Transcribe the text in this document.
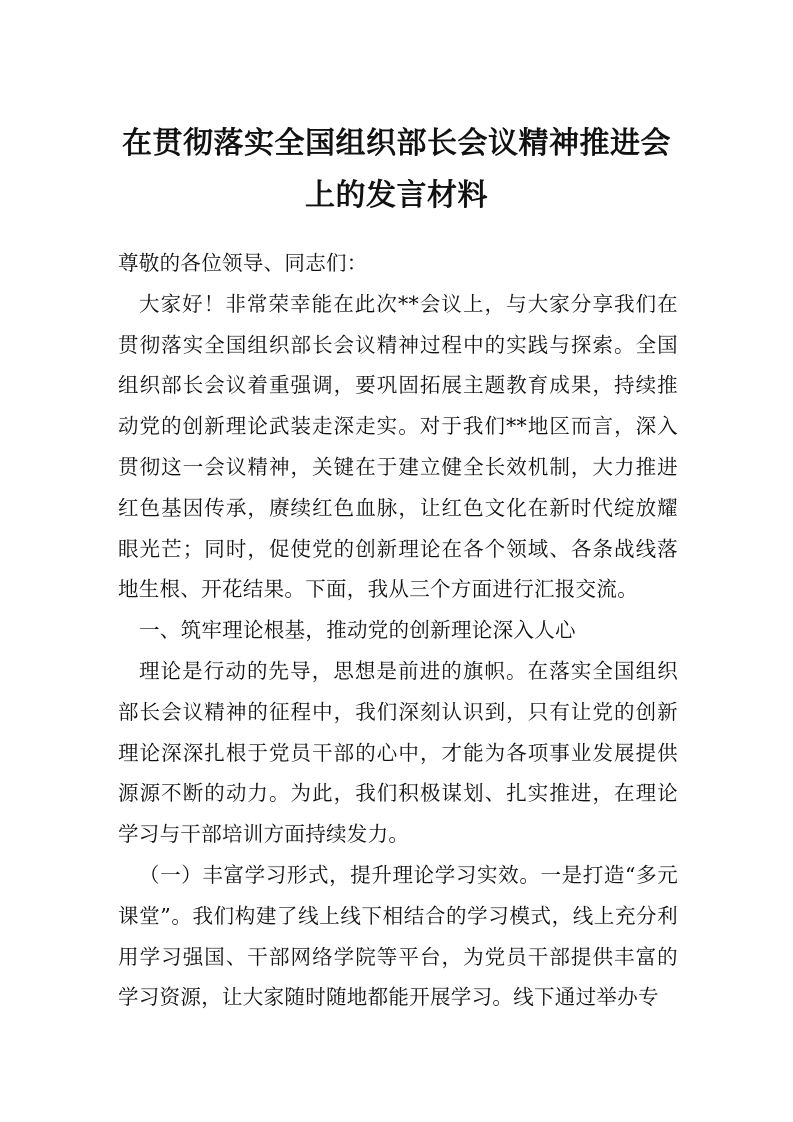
在贯彻落实全国组织部长会议精神推进会
上的发言材料

尊敬的各位领导、同志们：

大家好！非常荣幸能在此次**会议上，与大家分享我们在贯彻落实全国组织部长会议精神过程中的实践与探索。全国组织部长会议着重强调，要巩固拓展主题教育成果，持续推动党的创新理论武装走深走实。对于我们**地区而言，深入贯彻这一会议精神，关键在于建立健全长效机制，大力推进红色基因传承，赓续红色血脉，让红色文化在新时代绽放耀眼光芒；同时，促使党的创新理论在各个领域、各条战线落地生根、开花结果。下面，我从三个方面进行汇报交流。

一、筑牢理论根基，推动党的创新理论深入人心

理论是行动的先导，思想是前进的旗帜。在落实全国组织部长会议精神的征程中，我们深刻认识到，只有让党的创新理论深深扎根于党员干部的心中，才能为各项事业发展提供源源不断的动力。为此，我们积极谋划、扎实推进，在理论学习与干部培训方面持续发力。

（一）丰富学习形式，提升理论学习实效。一是打造“多元课堂”。我们构建了线上线下相结合的学习模式，线上充分利用学习强国、干部网络学院等平台，为党员干部提供丰富的学习资源，让大家随时随地都能开展学习。线下通过举办专
